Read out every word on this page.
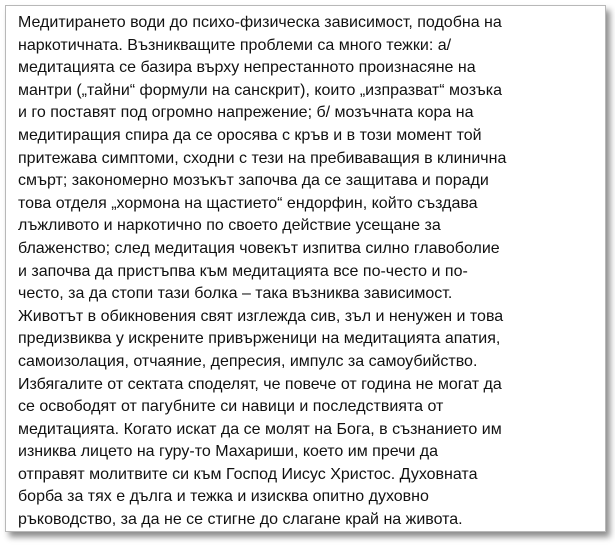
Медитирането води до психо-физическа зависимост, подобна на
наркотичната. Възникващите проблеми са много тежки: а/
медитацията се базира върху непрестанното произнасяне на
мантри („тайни“ формули на санскрит), които „изпразват“ мозъка
и го поставят под огромно напрежение; б/ мозъчната кора на
медитиращия спира да се оросява с кръв и в този момент той
притежава симптоми, сходни с тези на пребиваващия в клинична
смърт; закономерно мозъкът започва да се защитава и поради
това отделя „хормона на щастието“ ендорфин, който създава
лъжливото и наркотично по своето действие усещане за
блаженство; след медитация човекът изпитва силно главоболие
и започва да пристъпва към медитацията все по-често и по-
често, за да стопи тази болка – така възниква зависимост.
Животът в обикновения свят изглежда сив, зъл и ненужен и това
предизвиква у искрените привърженици на медитацията апатия,
самоизолация, отчаяние, депресия, импулс за самоубийство.
Избягалите от сектата споделят, че повече от година не могат да
се освободят от пагубните си навици и последствията от
медитацията. Когато искат да се молят на Бога, в съзнанието им
изниква лицето на гуру-то Махариши, което им пречи да
отправят молитвите си към Господ Иисус Христос. Духовната
борба за тях е дълга и тежка и изисква опитно духовно
ръководство, за да не се стигне до слагане край на живота.
